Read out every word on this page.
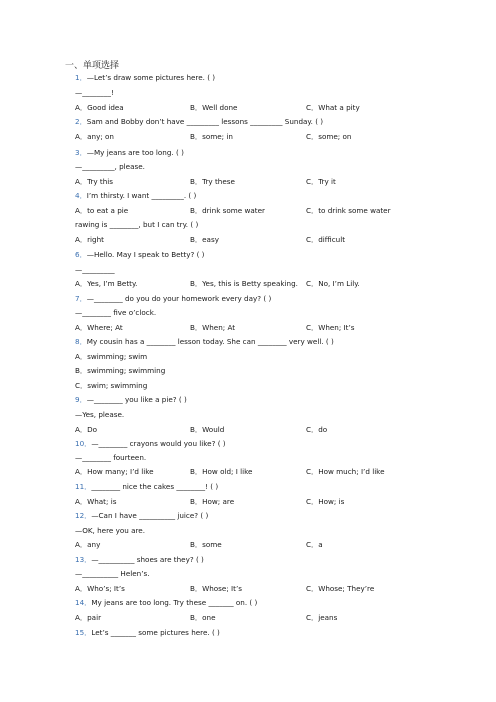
一、单项选择
1．—Let’s draw some pictures here. ( )
—________!
A．Good idea	B．Well done	C．What a pity
2．Sam and Bobby don’t have _________ lessons _________ Sunday. ( )
A．any; on	B．some; in	C．some; on
3．—My jeans are too long. ( )
—_________, please.
A．Try this	B．Try these	C．Try it
4．I’m thirsty. I want _________. ( )
A．to eat a pie	B．drink some water	C．to drink some water
rawing is ________, but I can try. ( )
A．right	B．easy	C．difficult
6．—Hello. May I speak to Betty? ( )
—_________
A．Yes, I’m Betty.	B．Yes, this is Betty speaking. C．No, I’m Lily.
7．—________ do you do your homework every day? ( )
—________ five o’clock.
A．Where; At	B．When; At	C．When; It’s
8．My cousin has a ________ lesson today. She can ________ very well. ( )
A．swimming; swim
B．swimming; swimming
C．swim; swimming
9．—________ you like a pie? ( )
—Yes, please.
A．Do	B．Would	C．do
10．—________ crayons would you like? ( )
—________ fourteen.
A．How many; I’d like	B．How old; I like	C．How much; I’d like
11．________ nice the cakes ________! ( )
A．What; is	B．How; are	C．How; is
12．—Can I have __________ juice? ( )
—OK, here you are.
A．any	B．some	C．a
13．—__________ shoes are they? ( )
—__________ Helen’s.
A．Who’s; It’s	B．Whose; It’s	C．Whose; They’re
14．My jeans are too long. Try these _______ on. ( )
A．pair	B．one	C．jeans
15．Let’s _______ some pictures here. ( )
